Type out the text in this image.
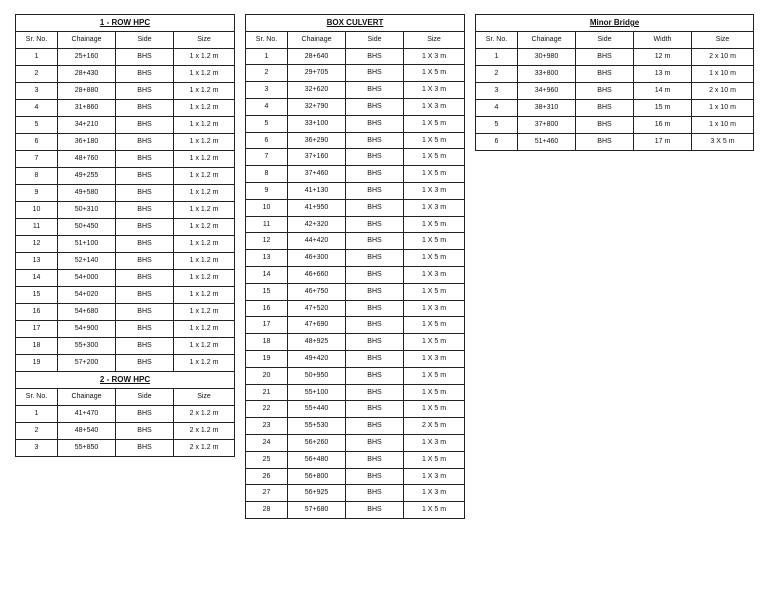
1 - ROW HPC			
Sr. No.	Chainage	Side	Size
1	25+160	BHS	1 x 1.2 m
2	28+430	BHS	1 x 1.2 m
3	28+880	BHS	1 x 1.2 m
4	31+860	BHS	1 x 1.2 m
5	34+210	BHS	1 x 1.2 m
6	36+180	BHS	1 x 1.2 m
7	48+760	BHS	1 x 1.2 m
8	49+255	BHS	1 x 1.2 m
9	49+580	BHS	1 x 1.2 m
10	50+310	BHS	1 x 1.2 m
11	50+450	BHS	1 x 1.2 m
12	51+100	BHS	1 x 1.2 m
13	52+140	BHS	1 x 1.2 m
14	54+000	BHS	1 x 1.2 m
15	54+020	BHS	1 x 1.2 m
16	54+680	BHS	1 x 1.2 m
17	54+900	BHS	1 x 1.2 m
18	55+300	BHS	1 x 1.2 m
19	57+200	BHS	1 x 1.2 m
2 - ROW HPC			
Sr. No.	Chainage	Side	Size
1	41+470	BHS	2 x 1.2 m
2	48+540	BHS	2 x 1.2 m
3	55+850	BHS	2 x 1.2 m
BOX CULVERT			
Sr. No.	Chainage	Side	Size
1	28+640	BHS	1 X 3 m
2	29+705	BHS	1 X 5 m
3	32+620	BHS	1 X 3 m
4	32+790	BHS	1 X 3 m
5	33+100	BHS	1 X 5 m
6	36+290	BHS	1 X 5 m
7	37+160	BHS	1 X 5 m
8	37+460	BHS	1 X 5 m
9	41+130	BHS	1 X 3 m
10	41+950	BHS	1 X 3 m
11	42+320	BHS	1 X 5 m
12	44+420	BHS	1 X 5 m
13	46+300	BHS	1 X 5 m
14	46+660	BHS	1 X 3 m
15	46+750	BHS	1 X 5 m
16	47+520	BHS	1 X 3 m
17	47+690	BHS	1 X 5 m
18	48+925	BHS	1 X 5 m
19	49+420	BHS	1 X 3 m
20	50+950	BHS	1 X 5 m
21	55+100	BHS	1 X 5 m
22	55+440	BHS	1 X 5 m
23	55+530	BHS	2 X 5 m
24	56+260	BHS	1 X 3 m
25	56+480	BHS	1 X 5 m
26	56+800	BHS	1 X 3 m
27	56+925	BHS	1 X 3 m
28	57+680	BHS	1 X 5 m
Minor Bridge				
Sr. No.	Chainage	Side	Width	Size
1	30+980	BHS	12 m	2 x 10 m
2	33+800	BHS	13 m	1 x 10 m
3	34+960	BHS	14 m	2 x 10 m
4	38+310	BHS	15 m	1 x 10 m
5	37+800	BHS	16 m	1 x 10 m
6	51+460	BHS	17 m	3 X 5 m
